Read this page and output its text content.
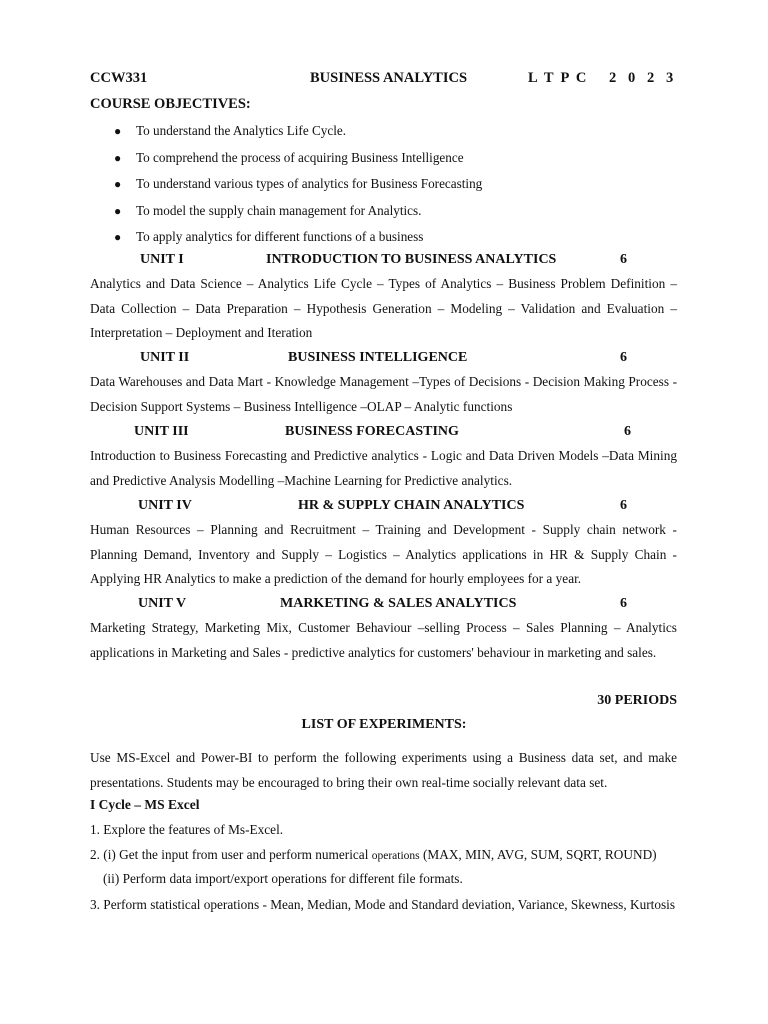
CCW331	BUSINESS ANALYTICS	L  T  P  C 2  0  2  3
COURSE OBJECTIVES:
● To understand the Analytics Life Cycle.
● To comprehend the process of acquiring Business Intelligence
● To understand various types of analytics for Business Forecasting
● To model the supply chain management for Analytics.
● To apply analytics for different functions of a business
UNIT I	INTRODUCTION TO BUSINESS ANALYTICS	6
Analytics and Data Science – Analytics Life Cycle – Types of Analytics – Business Problem Definition – Data Collection – Data Preparation – Hypothesis Generation – Modeling – Validation and Evaluation – Interpretation – Deployment and Iteration
UNIT II	BUSINESS INTELLIGENCE	6
Data Warehouses and Data Mart - Knowledge Management –Types of Decisions - Decision Making Process - Decision Support Systems – Business Intelligence –OLAP – Analytic functions
UNIT III	BUSINESS FORECASTING	6
Introduction to Business Forecasting and Predictive analytics - Logic and Data Driven Models –Data Mining and Predictive Analysis Modelling –Machine Learning for Predictive analytics.
UNIT IV	HR & SUPPLY CHAIN ANALYTICS	6
Human Resources – Planning and Recruitment – Training and Development - Supply chain network - Planning Demand, Inventory and Supply – Logistics – Analytics applications in HR & Supply Chain - Applying HR Analytics to make a prediction of the demand for hourly employees for a year.
UNIT V	MARKETING & SALES ANALYTICS	6
Marketing Strategy, Marketing Mix, Customer Behaviour –selling Process – Sales Planning – Analytics applications in Marketing and Sales - predictive analytics for customers' behaviour in marketing and sales.
30 PERIODS
LIST OF EXPERIMENTS:
Use MS-Excel and Power-BI to perform the following experiments using a Business data set, and make presentations. Students may be encouraged to bring their own real-time socially relevant data set.
I Cycle – MS Excel
1. Explore the features of Ms-Excel.
2. (i) Get the input from user and perform numerical operations (MAX, MIN, AVG, SUM, SQRT, ROUND)
(ii) Perform data import/export operations for different file formats.
3. Perform statistical operations - Mean, Median, Mode and Standard deviation, Variance, Skewness, Kurtosis
